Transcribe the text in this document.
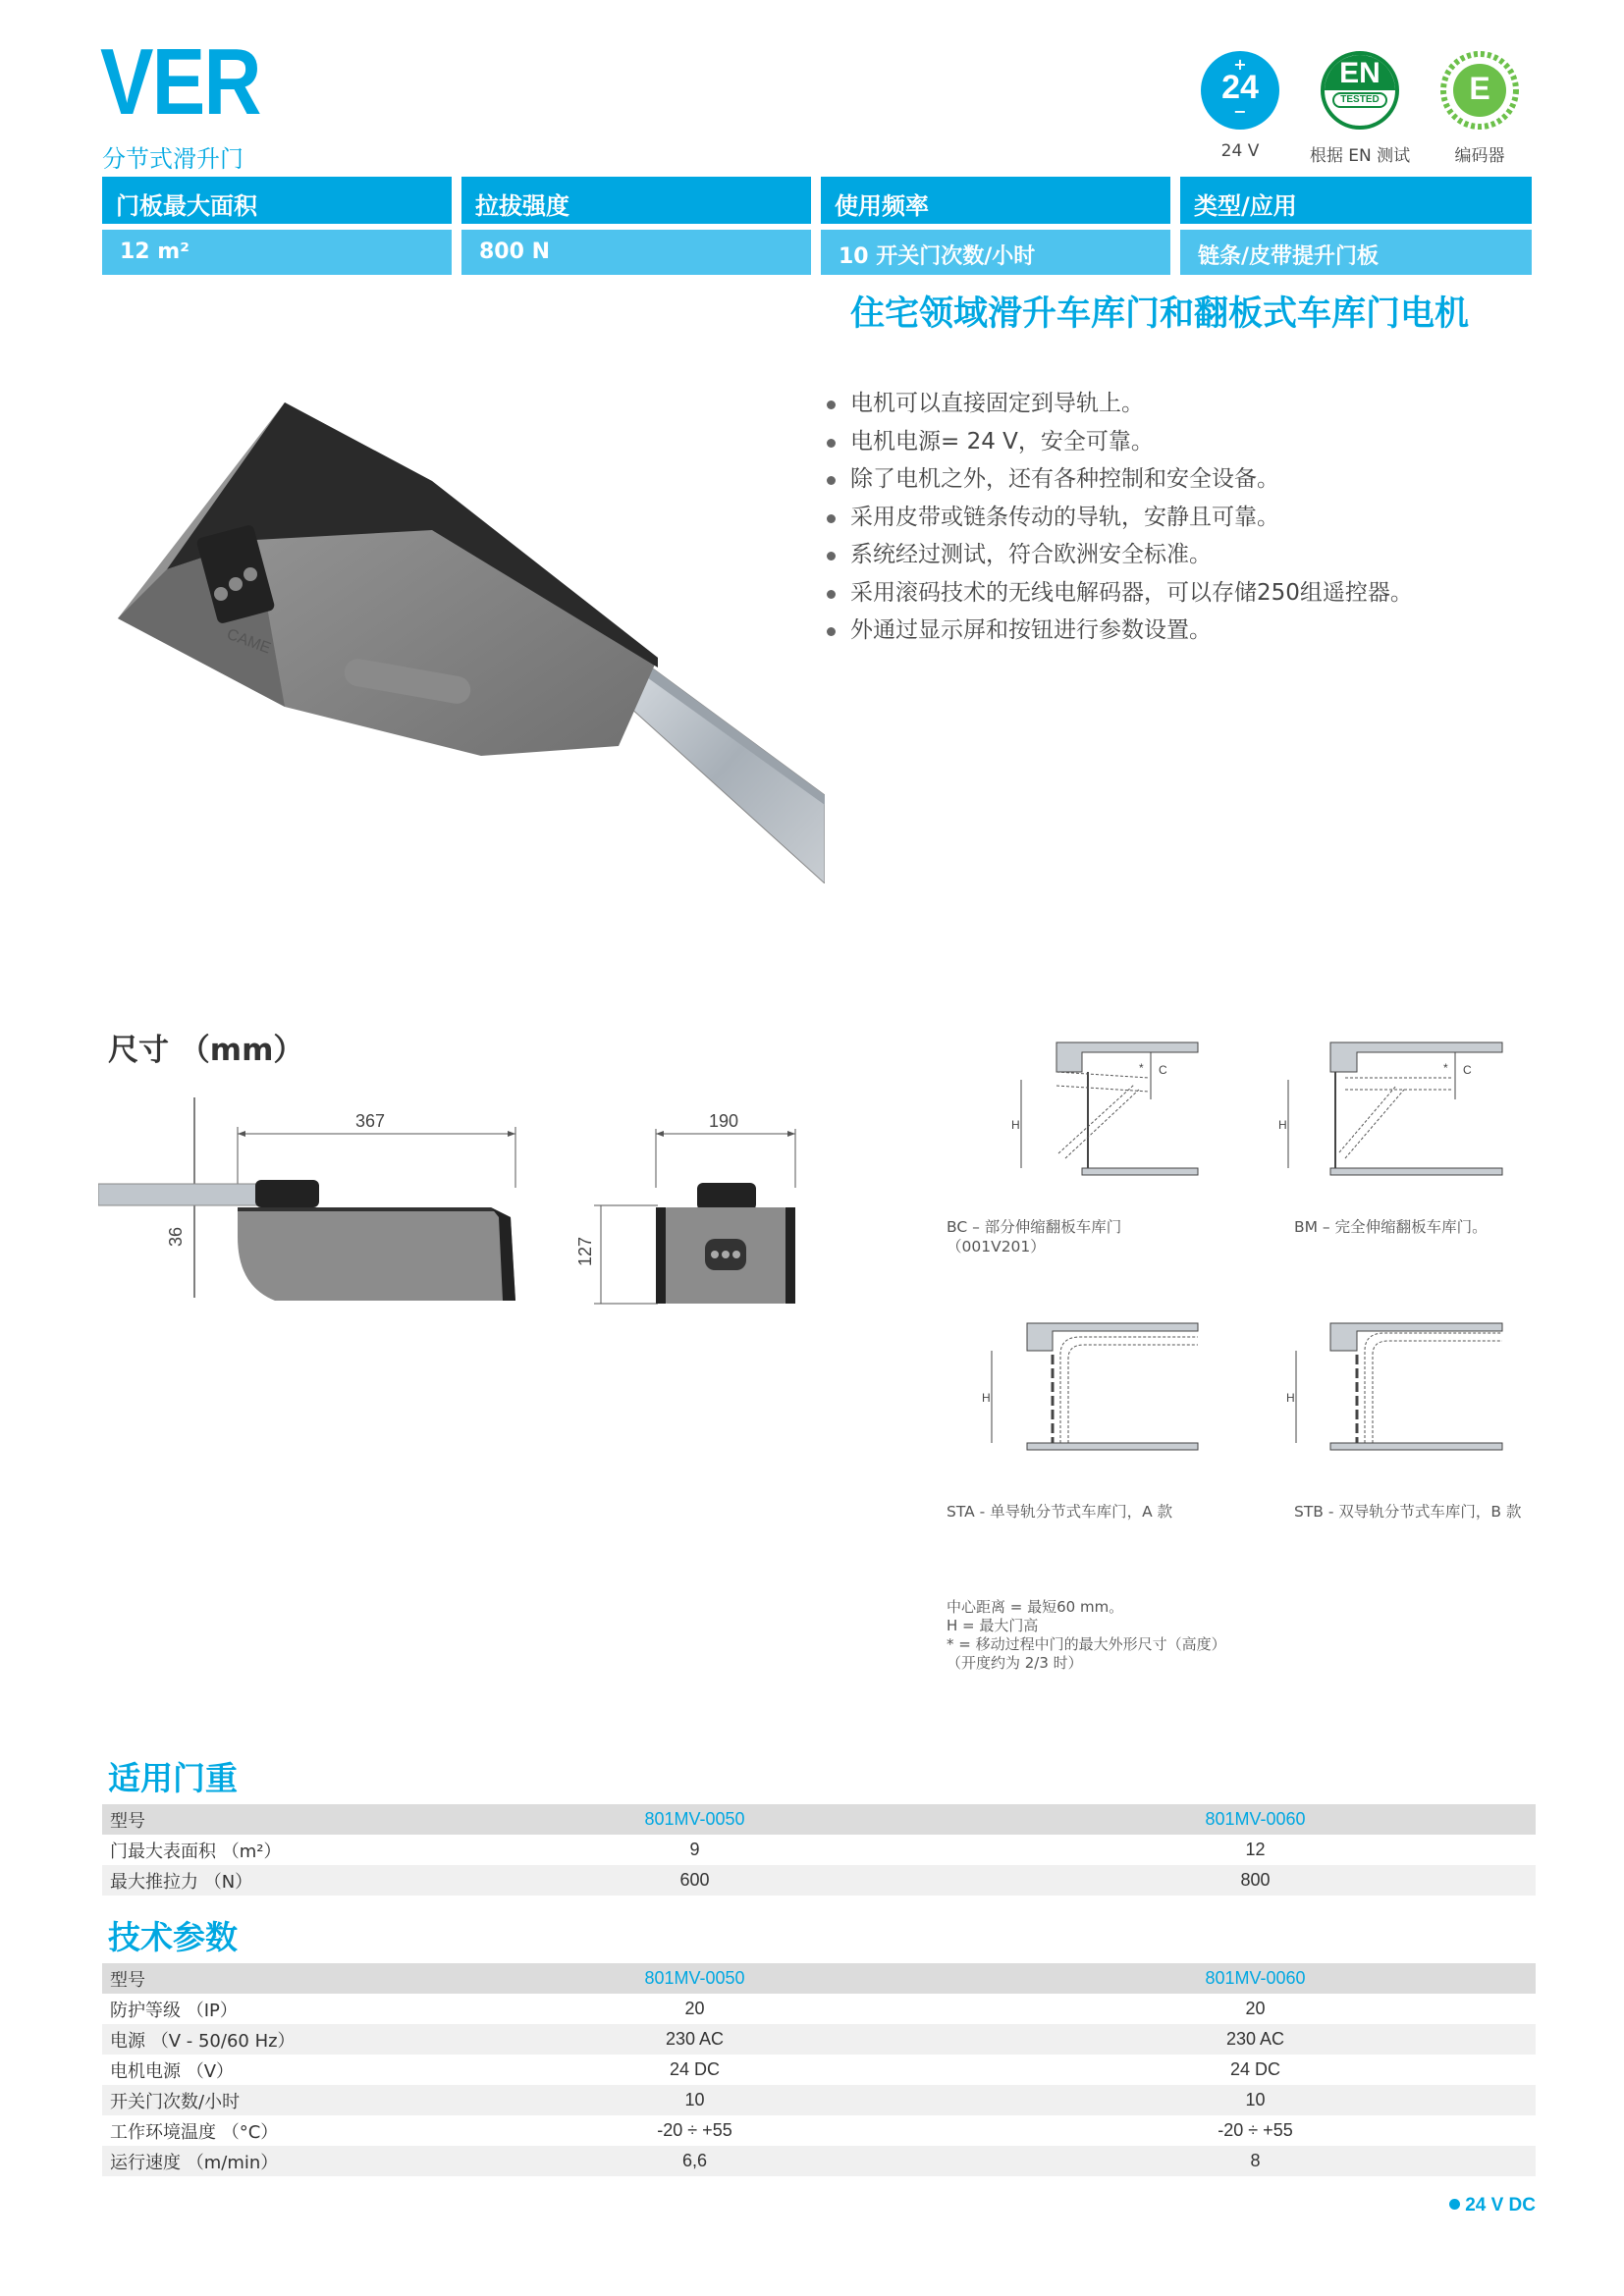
VER
分节式滑升门
+
24
−
24 V
EN
TESTED
根据 EN 测试
E
编码器
门板最大面积	拉拔强度	使用频率	类型/应用
12 m²	800 N	10 开关门次数/小时	链条/皮带提升门板
CAME
住宅领域滑升车库门和翻板式车库门电机
电机可以直接固定到导轨上。
电机电源= 24 V，安全可靠。
除了电机之外，还有各种控制和安全设备。
采用皮带或链条传动的导轨，安静且可靠。
系统经过测试，符合欧洲安全标准。
采用滚码技术的无线电解码器，可以存储250组遥控器。
外通过显示屏和按钮进行参数设置。
尺寸 （mm）
367
36
190
127
H
C
*
H
C
*
H	H
BC – 部分伸缩翻板车库门
（001V201）
BM – 完全伸缩翻板车库门。
STA - 单导轨分节式车库门，A 款	STB - 双导轨分节式车库门，B 款
中心距离 = 最短60 mm。
H = 最大门高
* = 移动过程中门的最大外形尺寸（高度）
（开度约为 2/3 时）
适用门重
型号	801MV-0050	801MV-0060
门最大表面积 （m²）	9	12
最大推拉力 （N）	600	800
技术参数
型号	801MV-0050	801MV-0060
防护等级 （IP）	20	20
电源 （V - 50/60 Hz）	230 AC	230 AC
电机电源 （V）	24 DC	24 DC
开关门次数/小时	10	10
工作环境温度 （°C）	-20 ÷ +55	-20 ÷ +55
运行速度 （m/min）	6,6	8
24 V DC
